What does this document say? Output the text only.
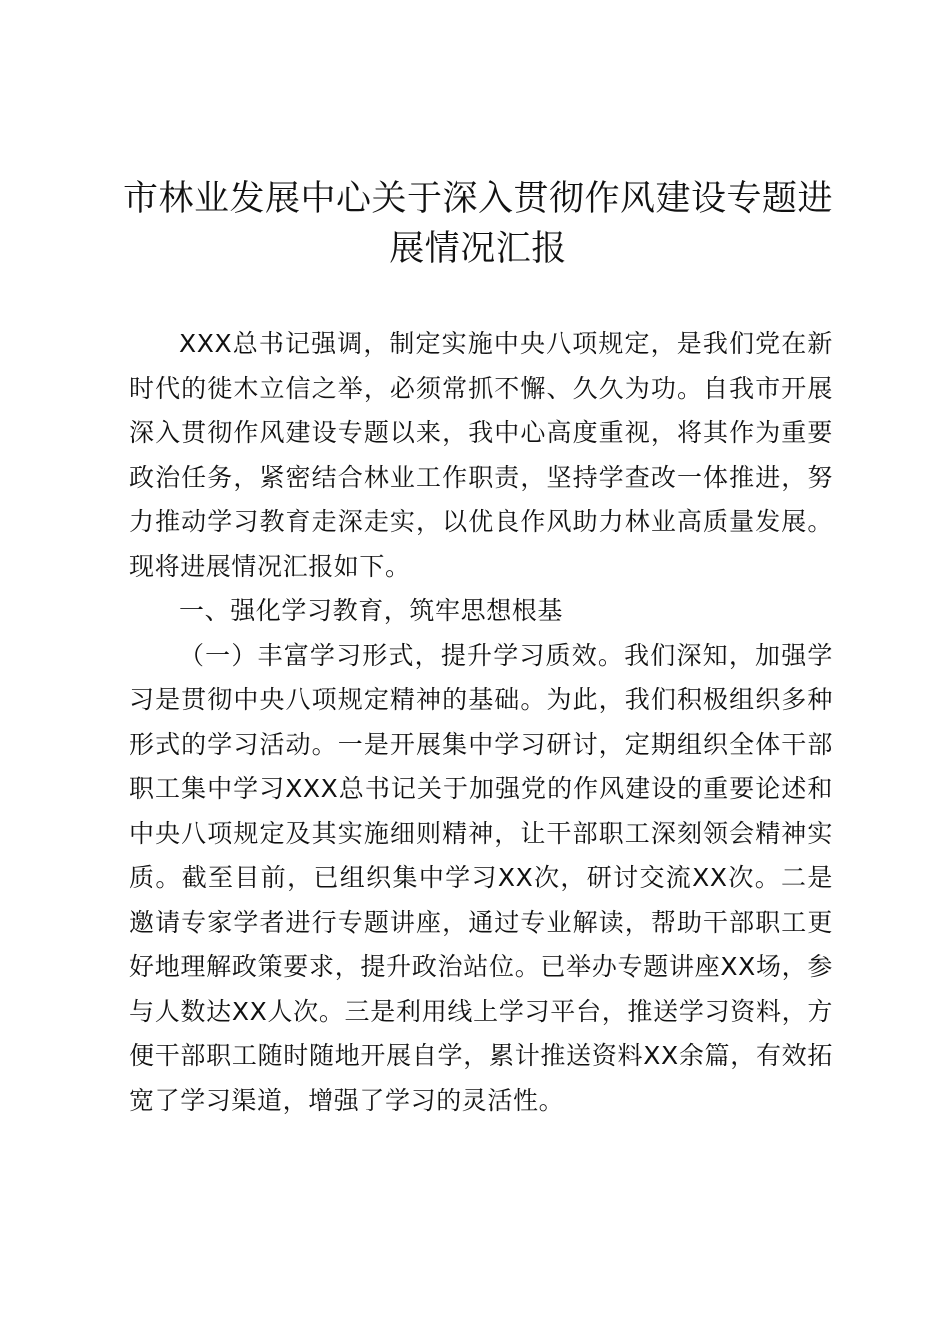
市林业发展中心关于深入贯彻作风建设专题进展情况汇报

XXX总书记强调，制定实施中央八项规定，是我们党在新时代的徙木立信之举，必须常抓不懈、久久为功。自我市开展深入贯彻作风建设专题以来，我中心高度重视，将其作为重要政治任务，紧密结合林业工作职责，坚持学查改一体推进，努力推动学习教育走深走实，以优良作风助力林业高质量发展。现将进展情况汇报如下。

一、强化学习教育，筑牢思想根基

（一）丰富学习形式，提升学习质效。我们深知，加强学习是贯彻中央八项规定精神的基础。为此，我们积极组织多种形式的学习活动。一是开展集中学习研讨，定期组织全体干部职工集中学习XXX总书记关于加强党的作风建设的重要论述和中央八项规定及其实施细则精神，让干部职工深刻领会精神实质。截至目前，已组织集中学习XX次，研讨交流XX次。二是邀请专家学者进行专题讲座，通过专业解读，帮助干部职工更好地理解政策要求，提升政治站位。已举办专题讲座XX场，参与人数达XX人次。三是利用线上学习平台，推送学习资料，方便干部职工随时随地开展自学，累计推送资料XX余篇，有效拓宽了学习渠道，增强了学习的灵活性。
